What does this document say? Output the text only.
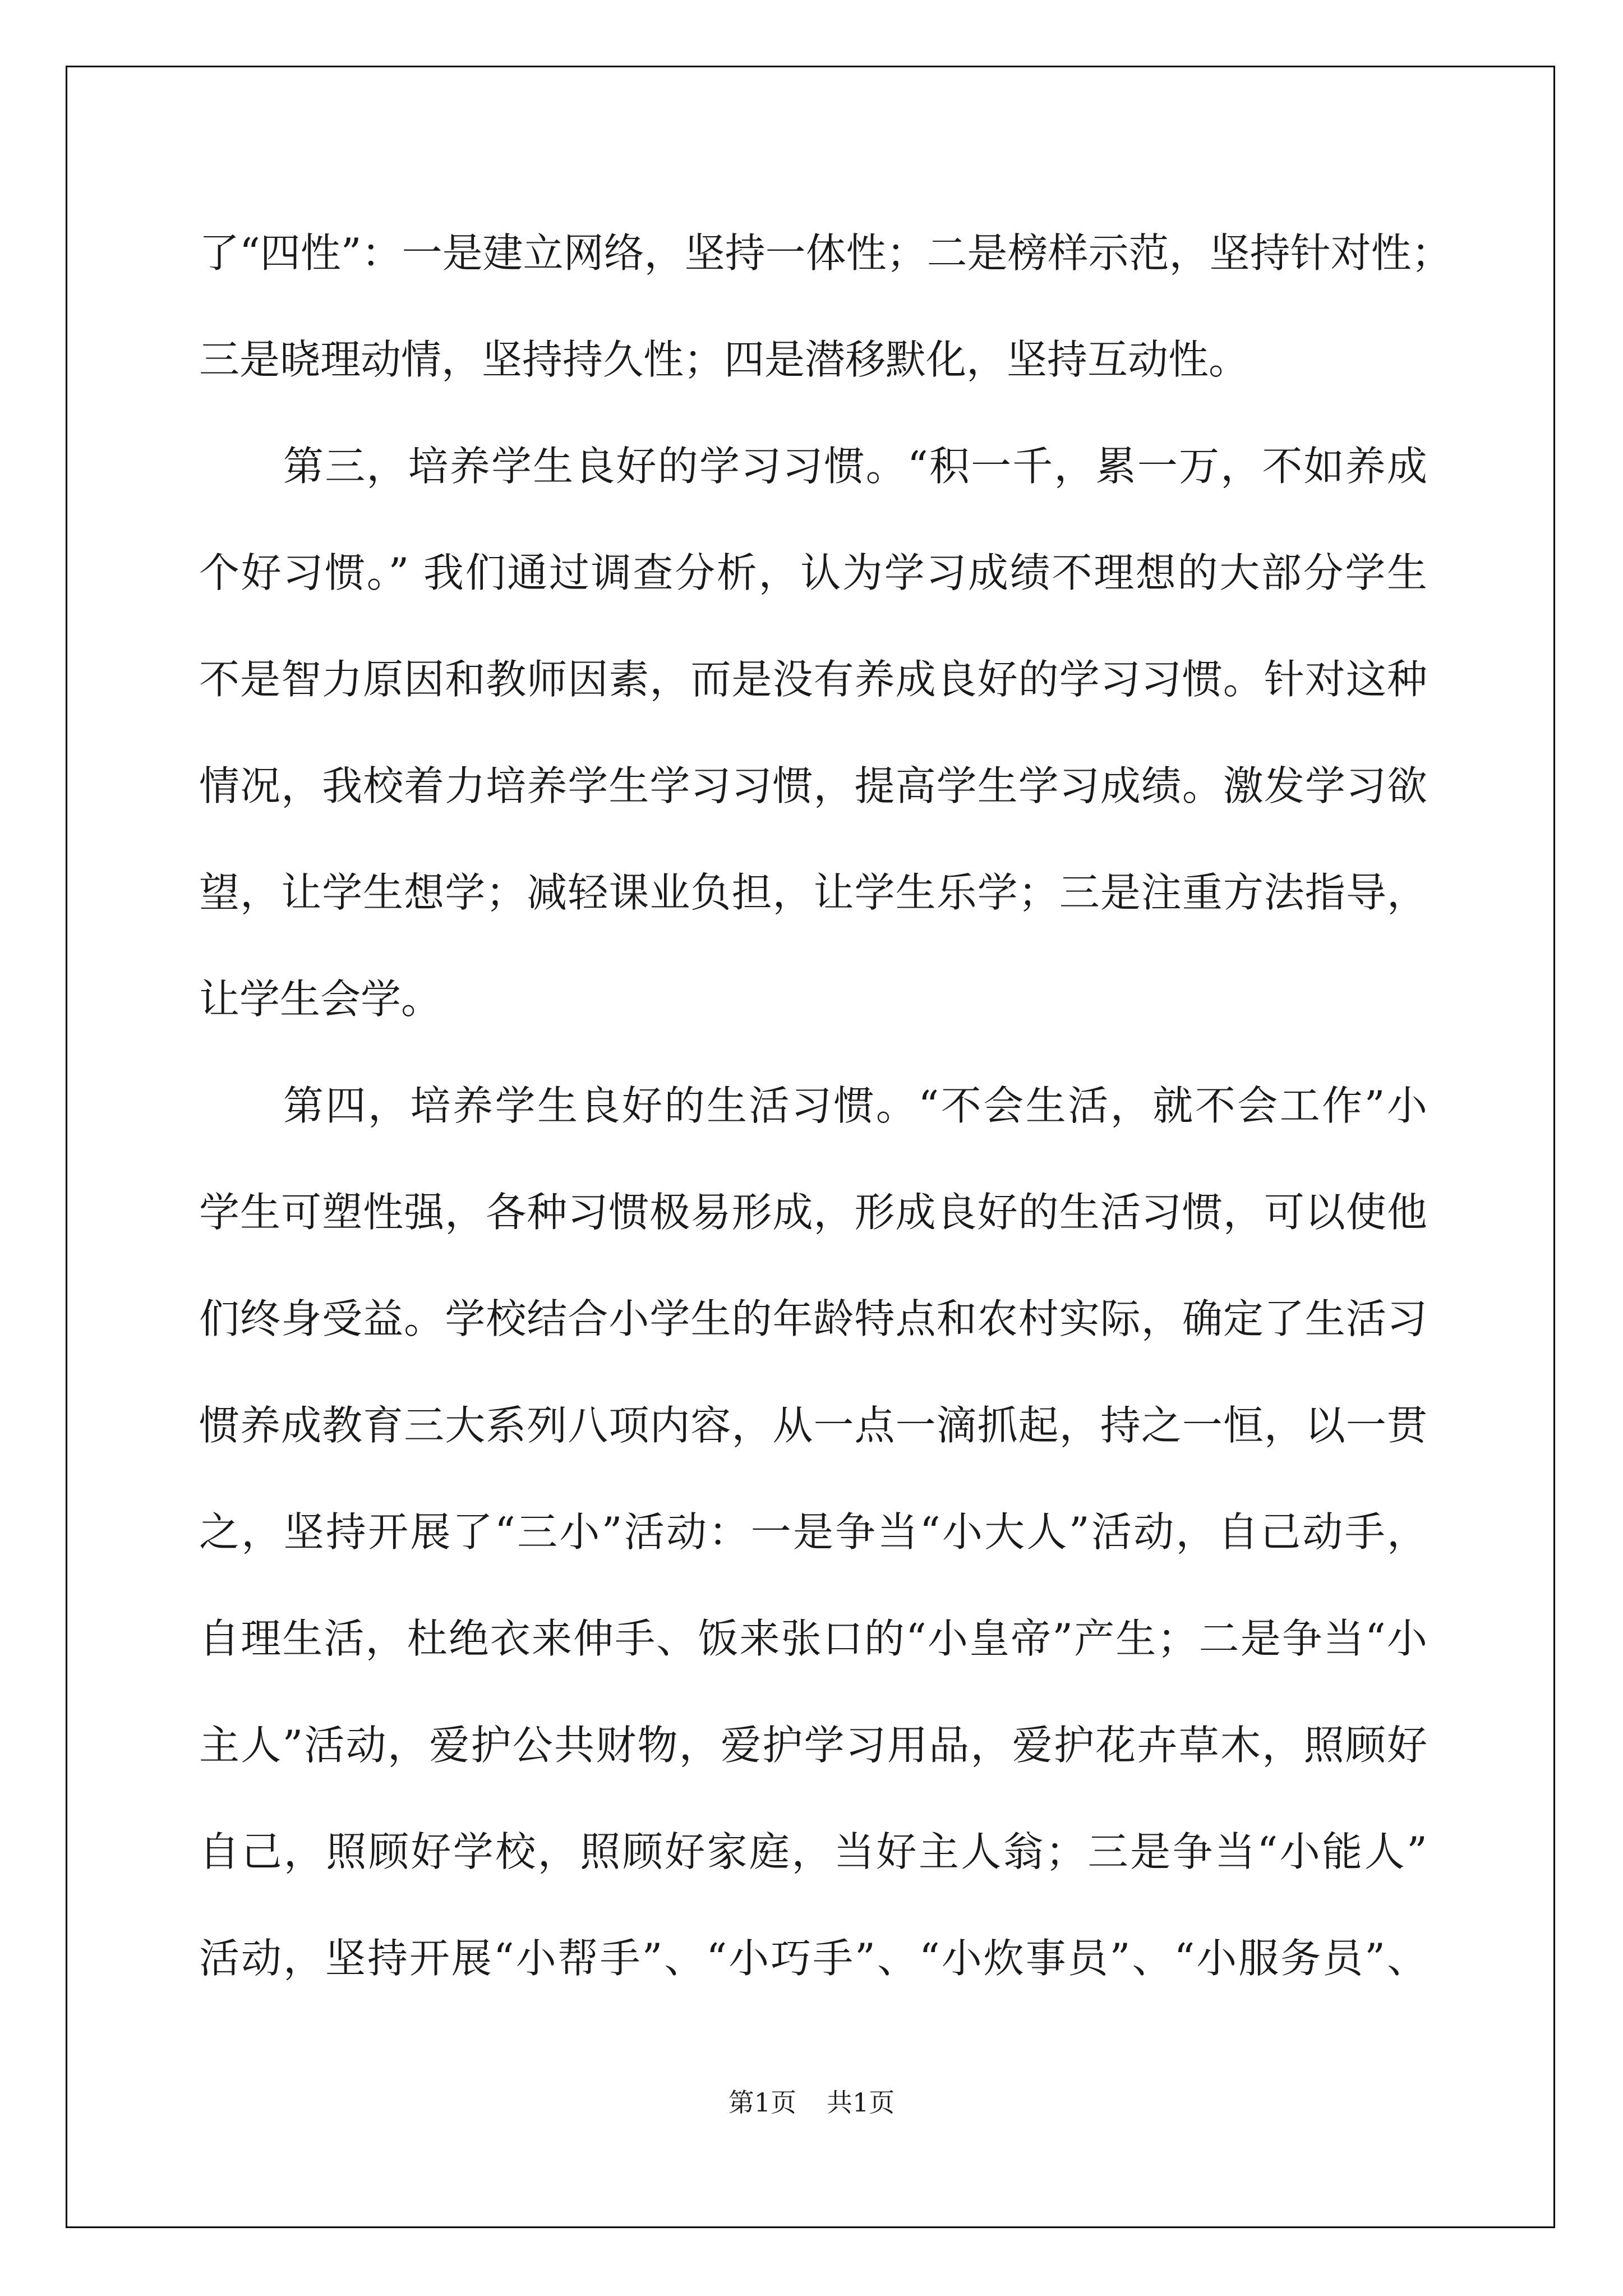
了“四性”：一是建立网络，坚持一体性；二是榜样示范，坚持针对性；
三是晓理动情，坚持持久性；四是潜移默化，坚持互动性。
第三，培养学生良好的学习习惯。“积一千，累一万，不如养成
个好习惯。” 我们通过调查分析，认为学习成绩不理想的大部分学生
不是智力原因和教师因素，而是没有养成良好的学习习惯。针对这种
情况，我校着力培养学生学习习惯，提高学生学习成绩。激发学习欲
望，让学生想学；减轻课业负担，让学生乐学；三是注重方法指导，
让学生会学。
第四，培养学生良好的生活习惯。“不会生活，就不会工作”小
学生可塑性强，各种习惯极易形成，形成良好的生活习惯，可以使他
们终身受益。学校结合小学生的年龄特点和农村实际，确定了生活习
惯养成教育三大系列八项内容，从一点一滴抓起，持之一恒，以一贯
之，坚持开展了“三小”活动：一是争当“小大人”活动，自己动手，
自理生活，杜绝衣来伸手、饭来张口的“小皇帝”产生；二是争当“小
主人”活动，爱护公共财物，爱护学习用品，爱护花卉草木，照顾好
自己，照顾好学校，照顾好家庭，当好主人翁；三是争当“小能人”
活动，坚持开展“小帮手”、“小巧手”、“小炊事员”、“小服务员”、
第1页 共1页
